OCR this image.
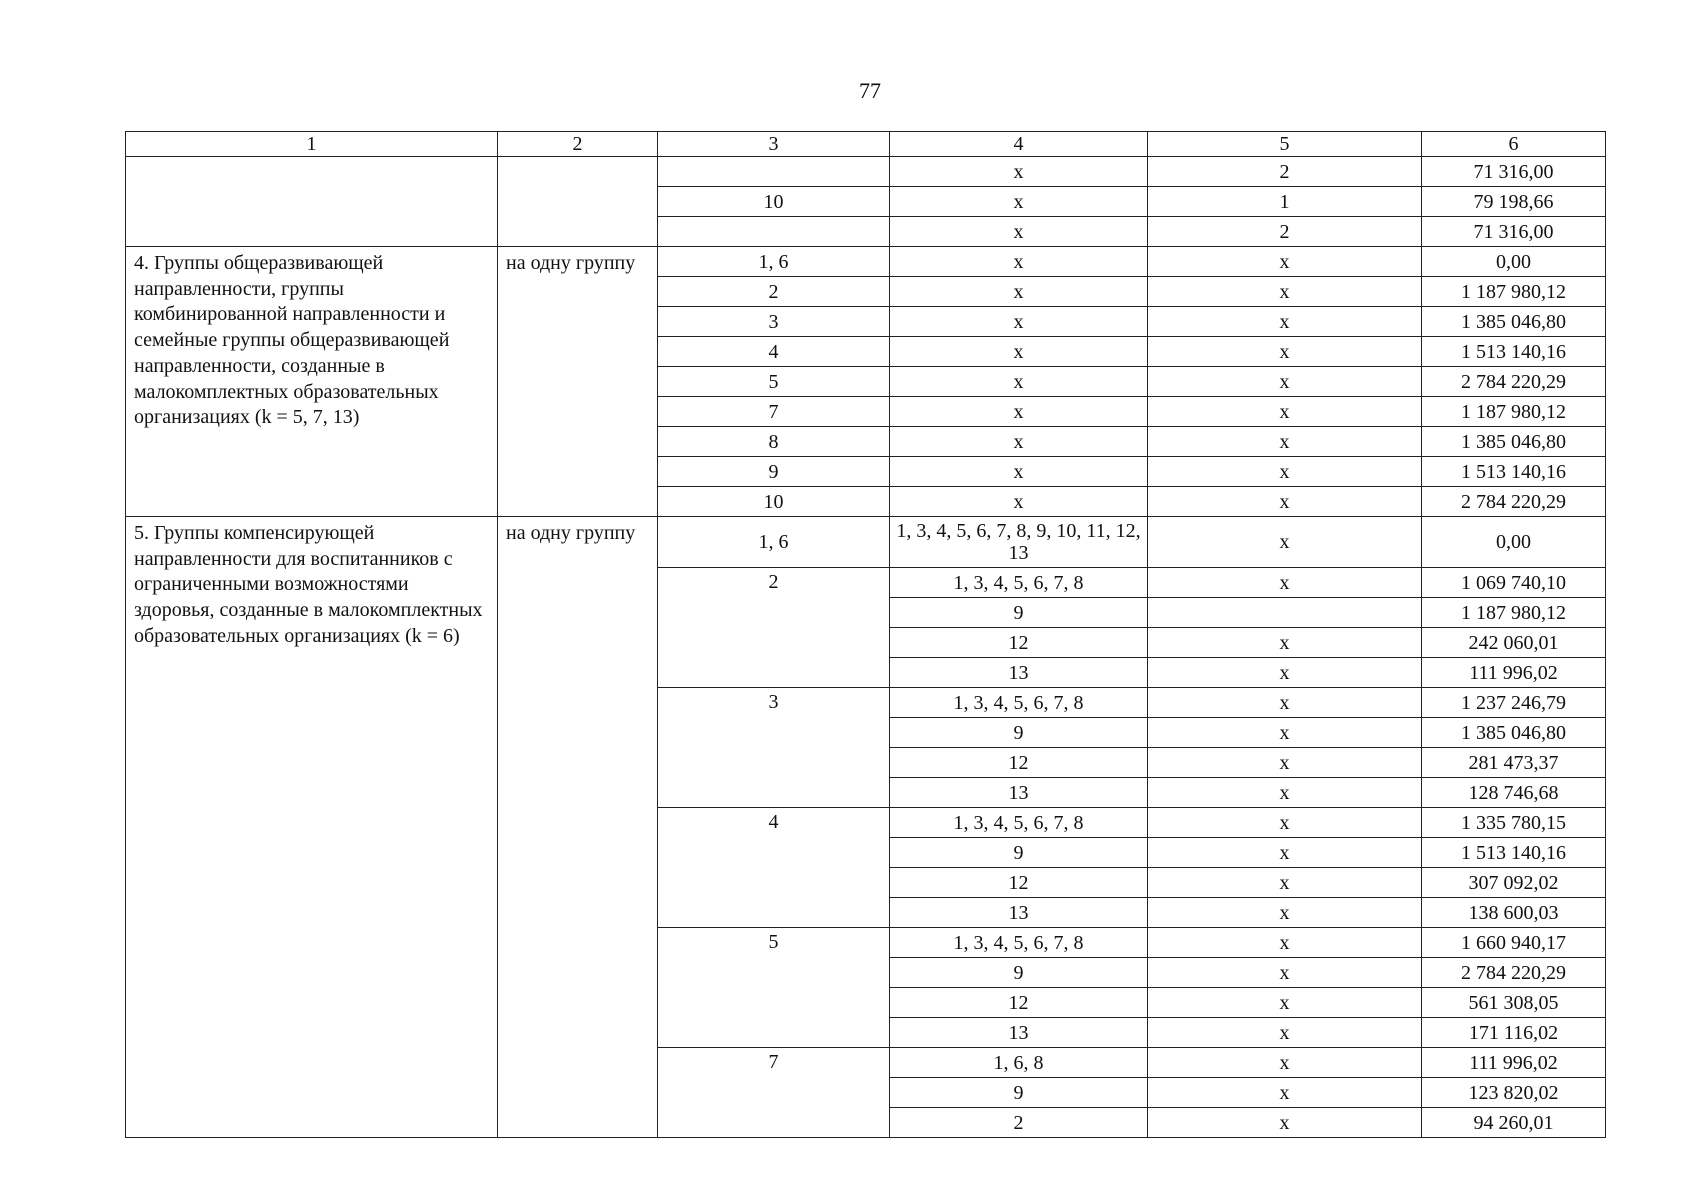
77
1	2	3	4	5	6
			x	2	71 316,00
		10	x	1	79 198,66
			x	2	71 316,00
4. Группы общеразвивающей направленности, группы комбинированной направленности и семейные группы общеразвивающей направленности, созданные в малокомплектных образовательных организациях (k = 5, 7, 13)	на одну группу	1, 6	x	x	0,00
		2	x	x	1 187 980,12
		3	x	x	1 385 046,80
		4	x	x	1 513 140,16
		5	x	x	2 784 220,29
		7	x	x	1 187 980,12
		8	x	x	1 385 046,80
		9	x	x	1 513 140,16
		10	x	x	2 784 220,29
5. Группы компенсирующей направленности для воспитанников с ограниченными возможностями здоровья, созданные в малокомплектных образовательных организациях (k = 6)	на одну группу	1, 6	1, 3, 4, 5, 6, 7, 8, 9, 10, 11, 12, 13	x	0,00
		2	1, 3, 4, 5, 6, 7, 8	x	1 069 740,10
			9		1 187 980,12
			12	x	242 060,01
			13	x	111 996,02
		3	1, 3, 4, 5, 6, 7, 8	x	1 237 246,79
			9	x	1 385 046,80
			12	x	281 473,37
			13	x	128 746,68
		4	1, 3, 4, 5, 6, 7, 8	x	1 335 780,15
			9	x	1 513 140,16
			12	x	307 092,02
			13	x	138 600,03
		5	1, 3, 4, 5, 6, 7, 8	x	1 660 940,17
			9	x	2 784 220,29
			12	x	561 308,05
			13	x	171 116,02
		7	1, 6, 8	x	111 996,02
			9	x	123 820,02
			2	x	94 260,01
